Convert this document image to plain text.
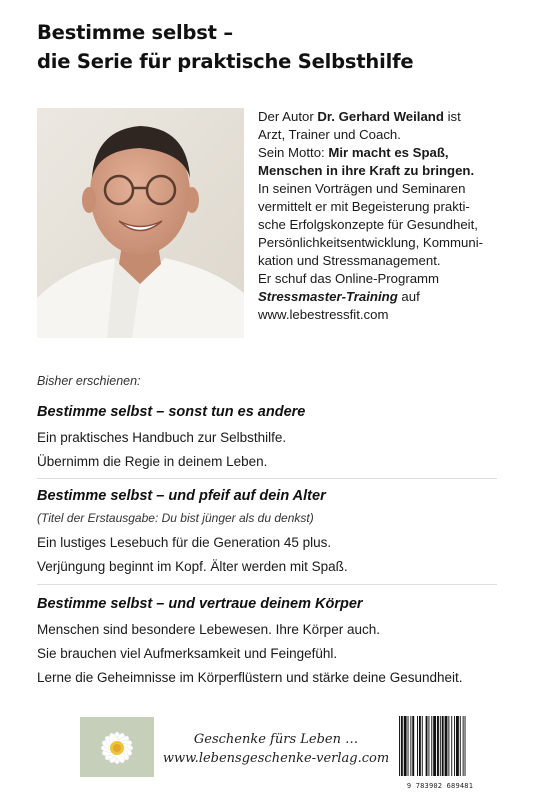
Bestimme selbst –
die Serie für praktische Selbsthilfe

Der Autor Dr. Gerhard Weiland ist

Arzt, Trainer und Coach.

Sein Motto: Mir macht es Spaß,

Menschen in ihre Kraft zu bringen.

In seinen Vorträgen und Seminaren

vermittelt er mit Begeisterung prakti-

sche Erfolgskonzepte für Gesundheit,

Persönlichkeitsentwicklung, Kommuni-

kation und Stressmanagement.

Er schuf das Online-Programm

Stressmaster-Training auf

www.lebestressfit.com

Bisher erschienen:
Bestimme selbst – sonst tun es andere
Ein praktisches Handbuch zur Selbsthilfe.
Übernimm die Regie in deinem Leben.
Bestimme selbst – und pfeif auf dein Alter
(Titel der Erstausgabe: Du bist jünger als du denkst)
Ein lustiges Lesebuch für die Generation 45 plus.
Verjüngung beginnt im Kopf. Älter werden mit Spaß.
Bestimme selbst – und vertraue deinem Körper
Menschen sind besondere Lebewesen. Ihre Körper auch.
Sie brauchen viel Aufmerksamkeit und Feingefühl.
Lerne die Geheimnisse im Körperflüstern und stärke deine Gesundheit.
Geschenke fürs Leben …
www.lebensgeschenke-verlag.com
9 783902 689481
